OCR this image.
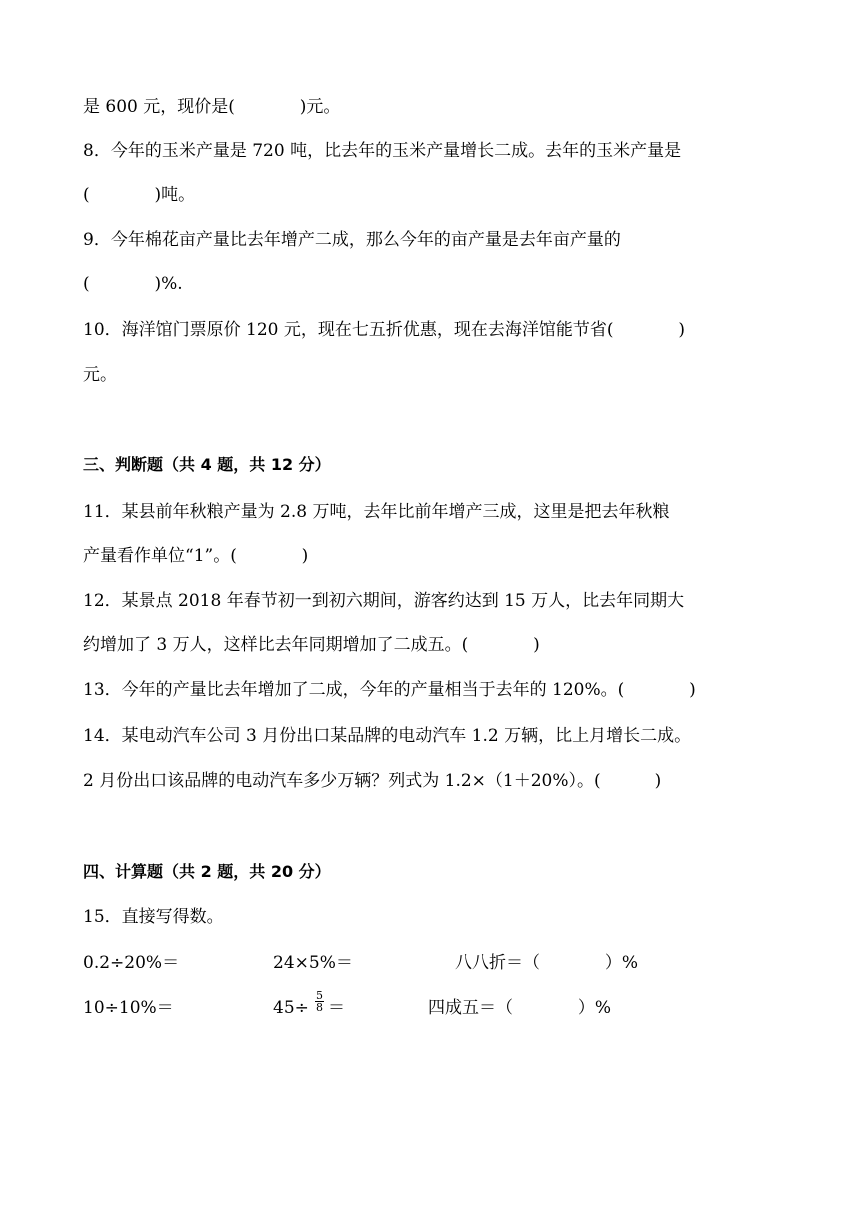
是 600 元，现价是(            )元。
8．今年的玉米产量是 720 吨，比去年的玉米产量增长二成。去年的玉米产量是
(            )吨。
9．今年棉花亩产量比去年增产二成，那么今年的亩产量是去年亩产量的
(            )%.
10．海洋馆门票原价 120 元，现在七五折优惠，现在去海洋馆能节省(            )
元。
三、判断题（共 4 题，共 12 分）
11．某县前年秋粮产量为 2.8 万吨，去年比前年增产三成，这里是把去年秋粮
产量看作单位“1”。(            )
12．某景点 2018 年春节初一到初六期间，游客约达到 15 万人，比去年同期大
约增加了 3 万人，这样比去年同期增加了二成五。(            )
13．今年的产量比去年增加了二成，今年的产量相当于去年的 120%。(            )
14．某电动汽车公司 3 月份出口某品牌的电动汽车 1.2 万辆，比上月增长二成。
2 月份出口该品牌的电动汽车多少万辆？列式为 1.2×（1＋20%）。(          )
四、计算题（共 2 题，共 20 分）
15．直接写得数。
0.2÷20%＝	24×5%＝	八八折＝（            ）%
10÷10%＝	$45\div \frac{5}{8}$ ＝	四成五＝（            ）%
